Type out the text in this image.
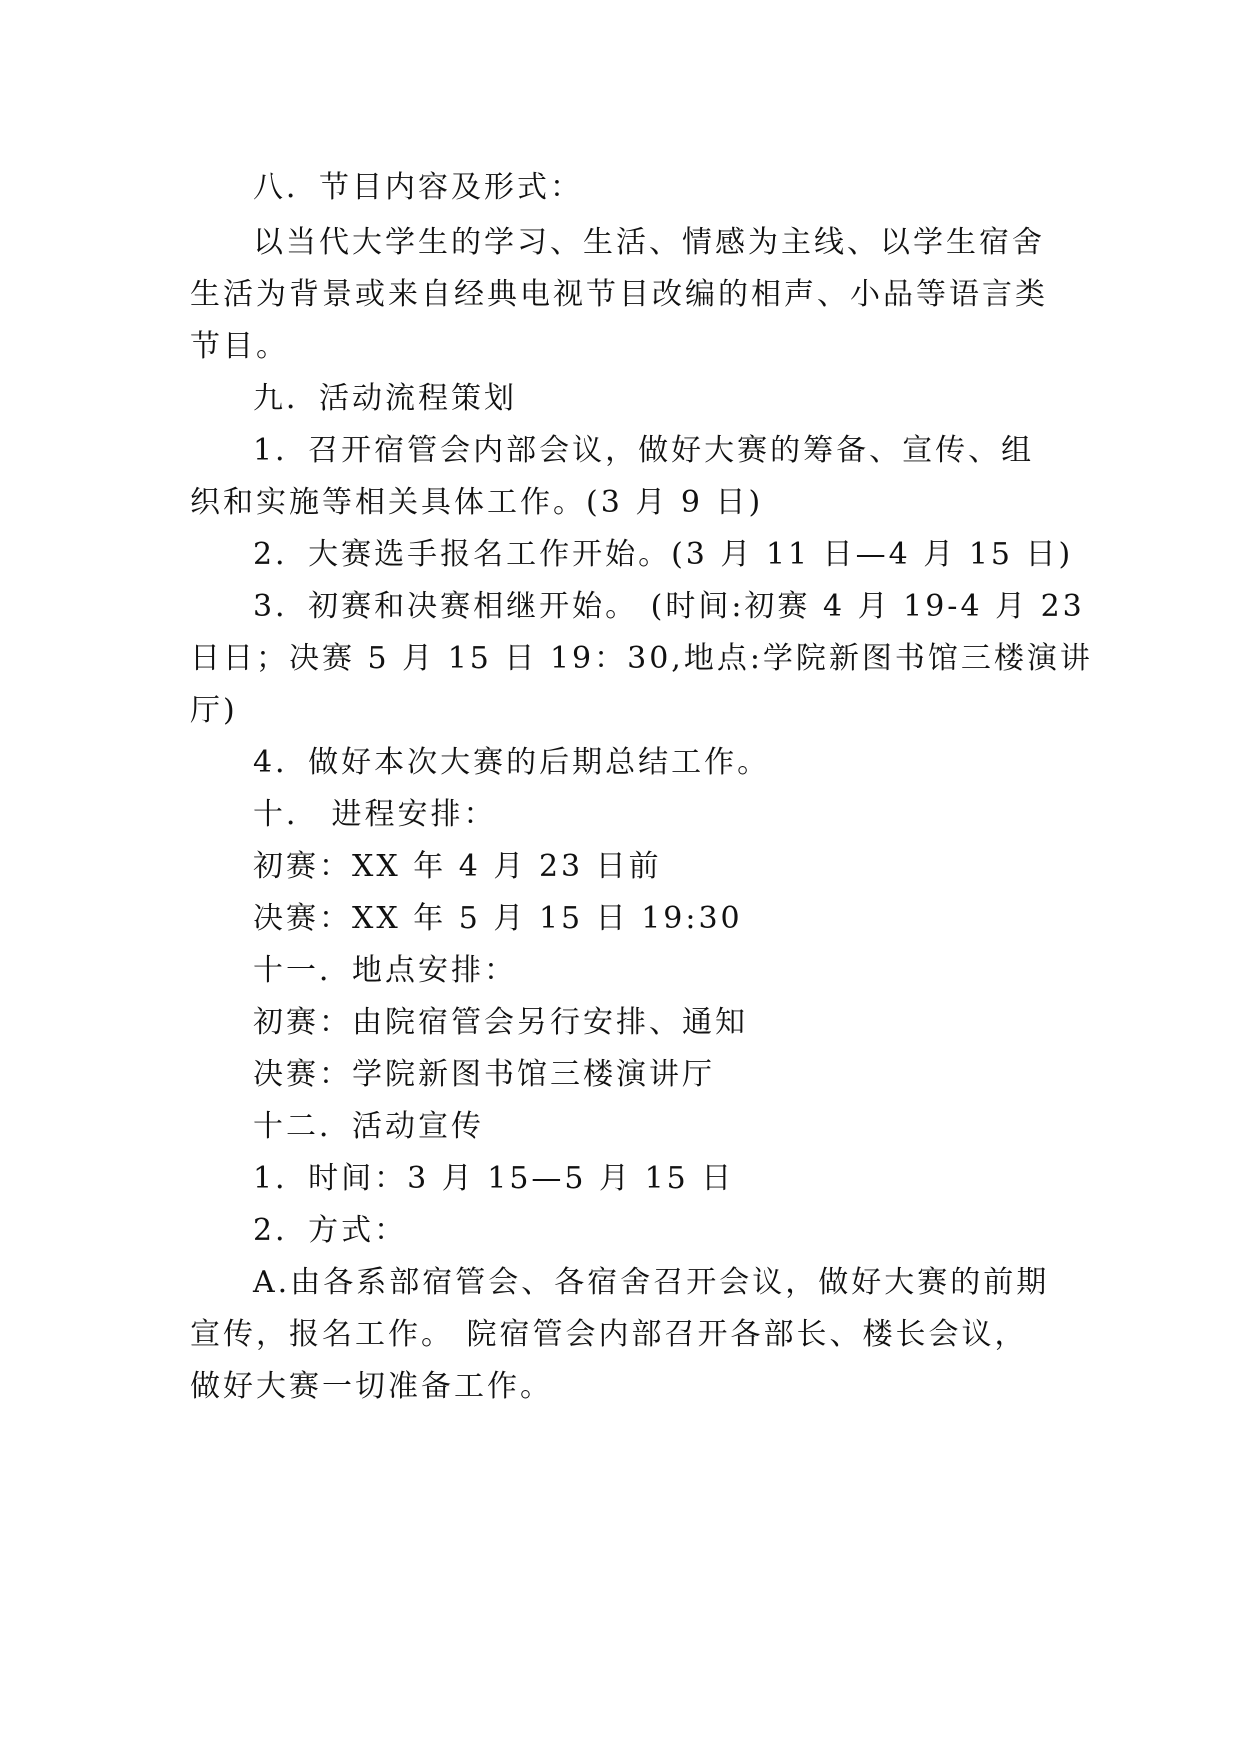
八．节目内容及形式：
以当代大学生的学习、生活、情感为主线、以学生宿舍
生活为背景或来自经典电视节目改编的相声、小品等语言类
节目。
九．活动流程策划
1．召开宿管会内部会议，做好大赛的筹备、宣传、组
织和实施等相关具体工作。(3 月 9 日)
2．大赛选手报名工作开始。(3 月 11 日—4 月 15 日)
3．初赛和决赛相继开始。 (时间:初赛 4 月 19-4 月 23
日日；决赛 5 月 15 日 19：30,地点:学院新图书馆三楼演讲
厅)
4．做好本次大赛的后期总结工作。
十． 进程安排：
初赛：XX 年 4 月 23 日前
决赛：XX 年 5 月 15 日 19:30
十一．地点安排：
初赛：由院宿管会另行安排、通知
决赛：学院新图书馆三楼演讲厅
十二．活动宣传
1．时间：3 月 15—5 月 15 日
2．方式：
A.由各系部宿管会、各宿舍召开会议，做好大赛的前期
宣传，报名工作。 院宿管会内部召开各部长、楼长会议，
做好大赛一切准备工作。
